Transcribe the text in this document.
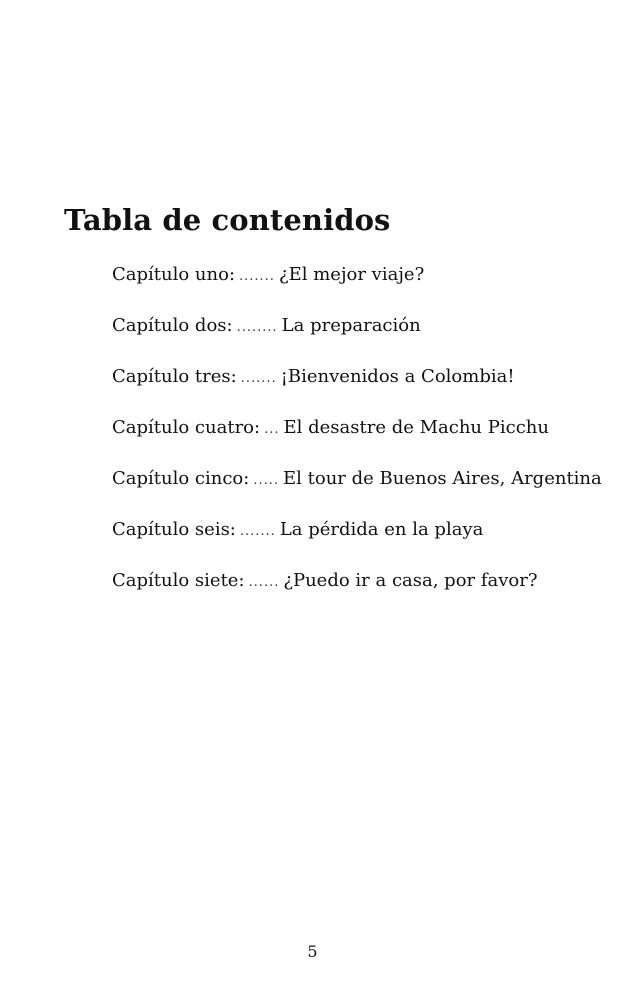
Tabla de contenidos
Capítulo uno: ....... ¿El mejor viaje?
Capítulo dos: ........ La preparación
Capítulo tres: ....... ¡Bienvenidos a Colombia!
Capítulo cuatro: ... El desastre de Machu Picchu
Capítulo cinco: ..... El tour de Buenos Aires, Argentina
Capítulo seis: ....... La pérdida en la playa
Capítulo siete: ...... ¿Puedo ir a casa, por favor?
5
